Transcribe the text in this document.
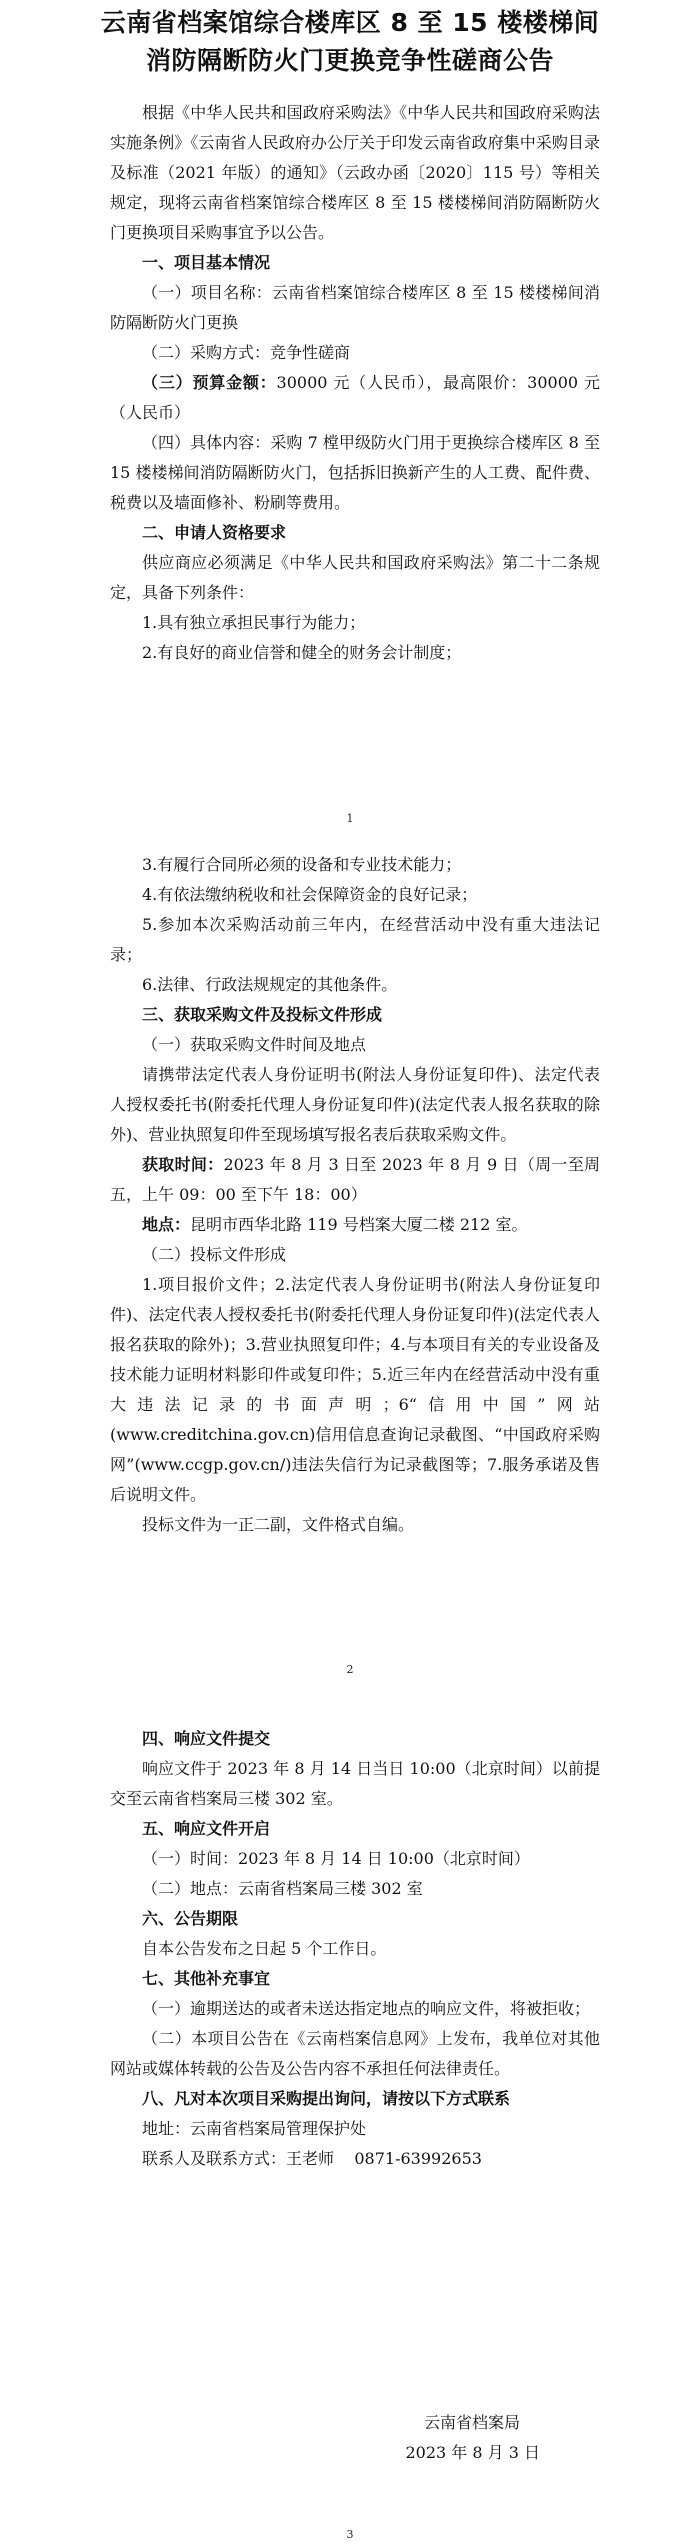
云南省档案馆综合楼库区 8 至 15 楼楼梯间
消防隔断防火门更换竞争性磋商公告

根据《中华人民共和国政府采购法》《中华人民共和国政府采购法实施条例》《云南省人民政府办公厅关于印发云南省政府集中采购目录及标准（2021 年版）的通知》（云政办函〔2020〕115 号）等相关规定，现将云南省档案馆综合楼库区 8 至 15 楼楼梯间消防隔断防火门更换项目采购事宜予以公告。

一、项目基本情况

（一）项目名称：云南省档案馆综合楼库区 8 至 15 楼楼梯间消防隔断防火门更换

（二）采购方式：竞争性磋商

（三）预算金额：30000 元（人民币），最高限价：30000 元（人民币）

（四）具体内容：采购 7 樘甲级防火门用于更换综合楼库区 8 至 15 楼楼梯间消防隔断防火门，包括拆旧换新产生的人工费、配件费、税费以及墙面修补、粉刷等费用。

二、申请人资格要求

供应商应必须满足《中华人民共和国政府采购法》第二十二条规定，具备下列条件：

1.具有独立承担民事行为能力；

2.有良好的商业信誉和健全的财务会计制度；

1

3.有履行合同所必须的设备和专业技术能力；

4.有依法缴纳税收和社会保障资金的良好记录；

5.参加本次采购活动前三年内，在经营活动中没有重大违法记录；

6.法律、行政法规规定的其他条件。

三、获取采购文件及投标文件形成

（一）获取采购文件时间及地点

请携带法定代表人身份证明书(附法人身份证复印件)、法定代表人授权委托书(附委托代理人身份证复印件)(法定代表人报名获取的除外)、营业执照复印件至现场填写报名表后获取采购文件。

获取时间：2023 年 8 月 3 日至 2023 年 8 月 9 日（周一至周五，上午 09：00 至下午 18：00）

地点：昆明市西华北路 119 号档案大厦二楼 212 室。

（二）投标文件形成

1.项目报价文件；2.法定代表人身份证明书(附法人身份证复印件)、法定代表人授权委托书(附委托代理人身份证复印件)(法定代表人报名获取的除外)；3.营业执照复印件；4.与本项目有关的专业设备及技术能力证明材料影印件或复印件；5.近三年内在经营活动中没有重大违法记录的书面声明；6“信用中国”网站(www.creditchina.gov.cn)信用信息查询记录截图、“中国政府采购网”(www.ccgp.gov.cn/)违法失信行为记录截图等；7.服务承诺及售后说明文件。

投标文件为一正二副，文件格式自编。

2

四、响应文件提交

响应文件于 2023 年 8 月 14 日当日 10:00（北京时间）以前提交至云南省档案局三楼 302 室。

五、响应文件开启

（一）时间：2023 年 8 月 14 日 10:00（北京时间）

（二）地点：云南省档案局三楼 302 室

六、公告期限

自本公告发布之日起 5 个工作日。

七、其他补充事宜

（一）逾期送达的或者未送达指定地点的响应文件，将被拒收；

（二）本项目公告在《云南档案信息网》上发布，我单位对其他网站或媒体转载的公告及公告内容不承担任何法律责任。

八、凡对本次项目采购提出询问，请按以下方式联系

地址：云南省档案局管理保护处

联系人及联系方式：王老师    0871-63992653

云南省档案局
2023 年 8 月 3 日
3
